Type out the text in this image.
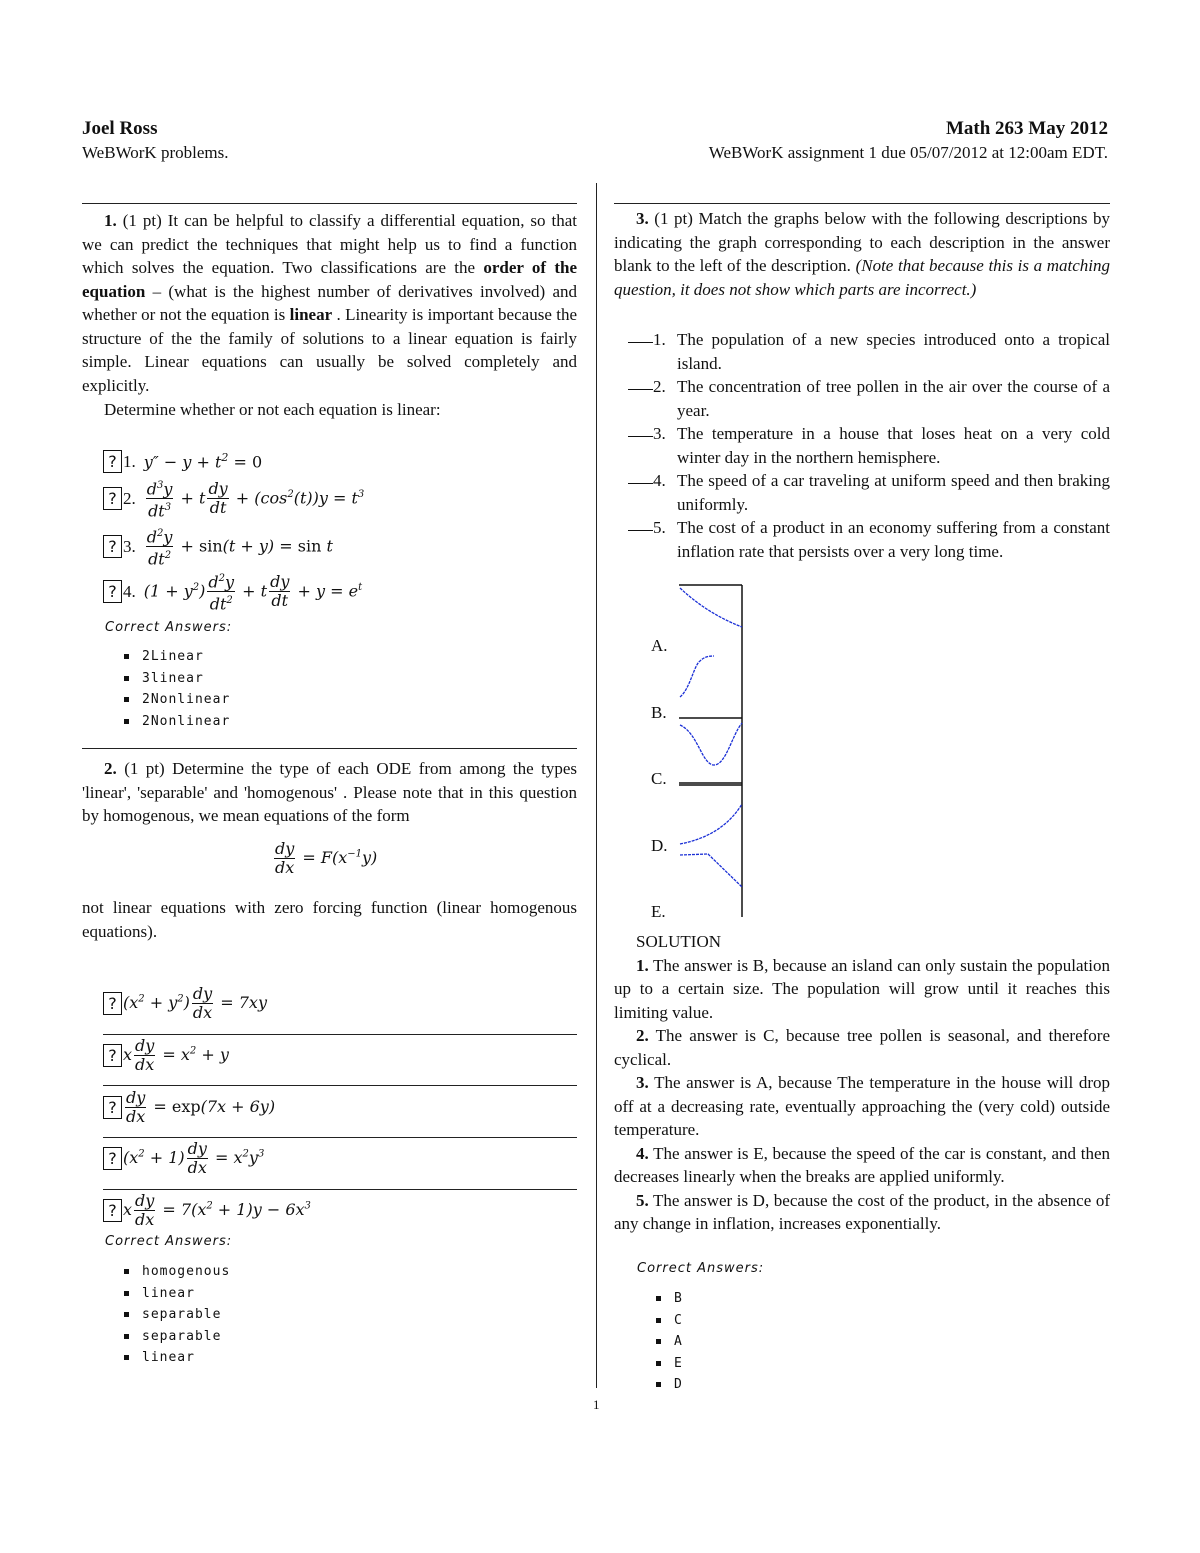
Joel Ross
WeBWorK problems.
Math 263 May 2012
WeBWorK assignment 1 due 05/07/2012 at 12:00am EDT.

1. (1 pt) It can be helpful to classify a differential equation, so that we can predict the techniques that might help us to find a function which solves the equation. Two classifications are the order of the equation – (what is the highest number of derivatives involved) and whether or not the equation is linear . Linearity is important because the structure of the the family of solutions to a linear equation is fairly simple. Linear equations can usually be solved completely and explicitly.

Determine whether or not each equation is linear:

? 1. $y'' - y + t^2 = 0$
? 2. $\frac{d^3y}{dt^3} + t \frac{dy}{dt} + (\cos^2(t))y = t^3$
? 3. $\frac{d^2y}{dt^2} + \sin(t + y) = \sin t$
? 4. $(1 + y^2) \frac{d^2y}{dt^2} + t \frac{dy}{dt} + y = e^t$
Correct Answers:
2Linear
3linear
2Nonlinear
2Nonlinear

2. (1 pt) Determine the type of each ODE from among the types 'linear', 'separable' and 'homogenous' . Please note that in this question by homogenous, we mean equations of the form

$\frac{dy}{dx} = F(x^{-1}y)$

not linear equations with zero forcing function (linear homogenous equations).

? $(x^2 + y^2) \frac{dy}{dx} = 7xy$
? x $\frac{dy}{dx} = x^2 + y$
? $\frac{dy}{dx} = \exp(7x + 6y)$
? $(x^2 + 1) \frac{dy}{dx} = x^2y^3$
? x $\frac{dy}{dx} = 7(x^2 + 1)y - 6x^3$
Correct Answers:
homogenous
linear
separable
separable
linear

3. (1 pt) Match the graphs below with the following descriptions by indicating the graph corresponding to each description in the answer blank to the left of the description. (Note that because this is a matching question, it does not show which parts are incorrect.)

1. The population of a new species introduced onto a tropical island.
2. The concentration of tree pollen in the air over the course of a year.
3. The temperature in a house that loses heat on a very cold winter day in the northern hemisphere.
4. The speed of a car traveling at uniform speed and then braking uniformly.
5. The cost of a product in an economy suffering from a constant inflation rate that persists over a very long time.
A.
B.
C.
D.
E.

SOLUTION

1. The answer is B, because an island can only sustain the population up to a certain size. The population will grow until it reaches this limiting value.

2. The answer is C, because tree pollen is seasonal, and therefore cyclical.

3. The answer is A, because The temperature in the house will drop off at a decreasing rate, eventually approaching the (very cold) outside temperature.

4. The answer is E, because the speed of the car is constant, and then decreases linearly when the breaks are applied uniformly.

5. The answer is D, because the cost of the product, in the absence of any change in inflation, increases exponentially.

Correct Answers:
B
C
A
E
D
1
